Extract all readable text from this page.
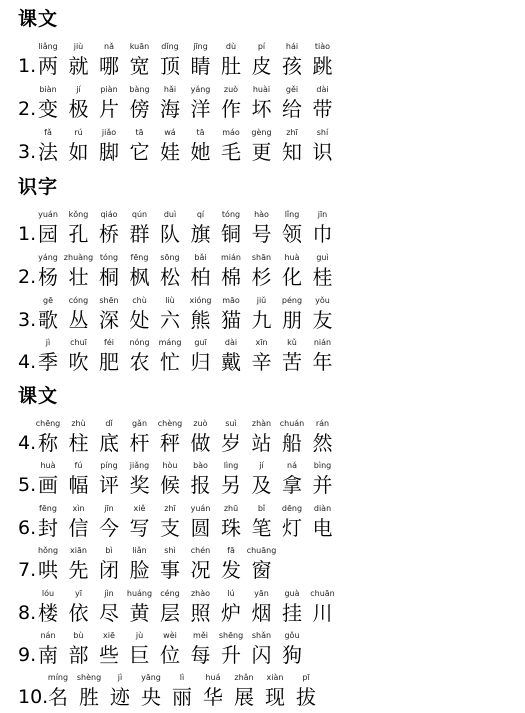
课文
1.
liǎng
两
jiù
就
nǎ
哪
kuān
宽
dǐng
顶
jīng
睛
dù
肚
pí
皮
hái
孩
tiào
跳
2.
biàn
变
jí
极
piàn
片
bàng
傍
hǎi
海
yáng
洋
zuò
作
huài
坏
gěi
给
dài
带
3.
fǎ
法
rú
如
jiǎo
脚
tā
它
wá
娃
tā
她
máo
毛
gèng
更
zhī
知
shí
识
识字
1.
yuán
园
kǒng
孔
qiáo
桥
qún
群
duì
队
qí
旗
tóng
铜
hào
号
lǐng
领
jīn
巾
2.
yáng
杨
zhuàng
壮
tóng
桐
fēng
枫
sōng
松
bǎi
柏
mián
棉
shān
杉
huà
化
guì
桂
3.
gē
歌
cóng
丛
shēn
深
chù
处
liù
六
xióng
熊
māo
猫
jiǔ
九
péng
朋
yǒu
友
4.
jì
季
chuī
吹
féi
肥
nóng
农
máng
忙
guī
归
dài
戴
xīn
辛
kǔ
苦
nián
年
课文
4.
chēng
称
zhù
柱
dǐ
底
gǎn
杆
chèng
秤
zuò
做
suì
岁
zhàn
站
chuán
船
rán
然
5.
huà
画
fú
幅
píng
评
jiǎng
奖
hòu
候
bào
报
lìng
另
jí
及
ná
拿
bìng
并
6.
fēng
封
xìn
信
jīn
今
xiě
写
zhī
支
yuán
圆
zhū
珠
bǐ
笔
dēng
灯
diàn
电
7.
hǒng
哄
xiān
先
bì
闭
liǎn
脸
shì
事
chén
况
fā
发
chuāng
窗
8.
lóu
楼
yī
依
jìn
尽
huáng
黄
céng
层
zhào
照
lú
炉
yān
烟
guà
挂
chuān
川
9.
nán
南
bù
部
xiē
些
jù
巨
wèi
位
měi
每
shēng
升
shǎn
闪
gǒu
狗
10.
míng
名
shèng
胜
jì
迹
yāng
央
lì
丽
huá
华
zhǎn
展
xiàn
现
pī
拔
